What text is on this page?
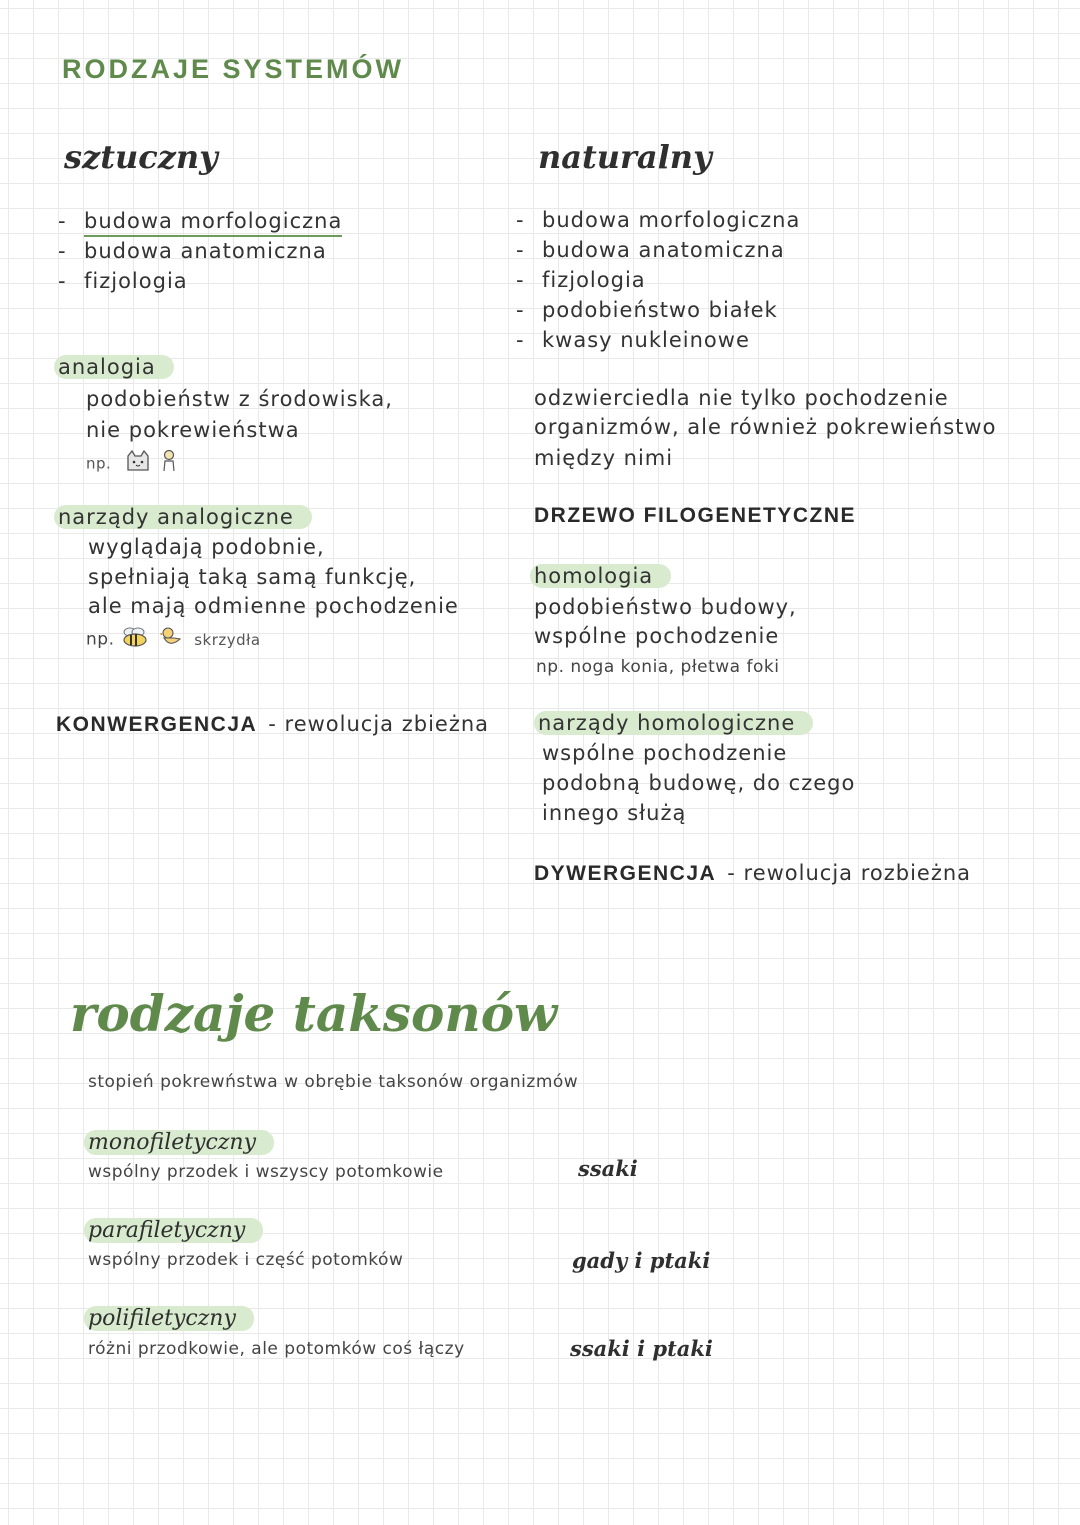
RODZAJE SYSTEMÓW
sztuczny
- budowa morfologiczna
- budowa anatomiczna
- fizjologia
analogia
podobieństw z środowiska,
nie pokrewieństwa
np.
narządy analogiczne
wyglądają podobnie,
spełniają taką samą funkcję,
ale mają odmienne pochodzenie
np.	skrzydła
KONWERGENCJA - rewolucja zbieżna
naturalny
- budowa morfologiczna
- budowa anatomiczna
- fizjologia
- podobieństwo białek
- kwasy nukleinowe
odzwierciedla nie tylko pochodzenie
organizmów, ale również pokrewieństwo
między nimi
DRZEWO FILOGENETYCZNE
homologia
podobieństwo budowy,
wspólne pochodzenie
np. noga konia, płetwa foki
narządy homologiczne
wspólne pochodzenie
podobną budowę, do czego
innego służą
DYWERGENCJA - rewolucja rozbieżna
rodzaje taksonów
stopień pokrewństwa w obrębie taksonów organizmów
monofiletyczny
wspólny przodek i wszyscy potomkowie	ssaki
parafiletyczny
wspólny przodek i część potomków	gady i ptaki
polifiletyczny
różni przodkowie, ale potomków coś łączy	ssaki i ptaki
